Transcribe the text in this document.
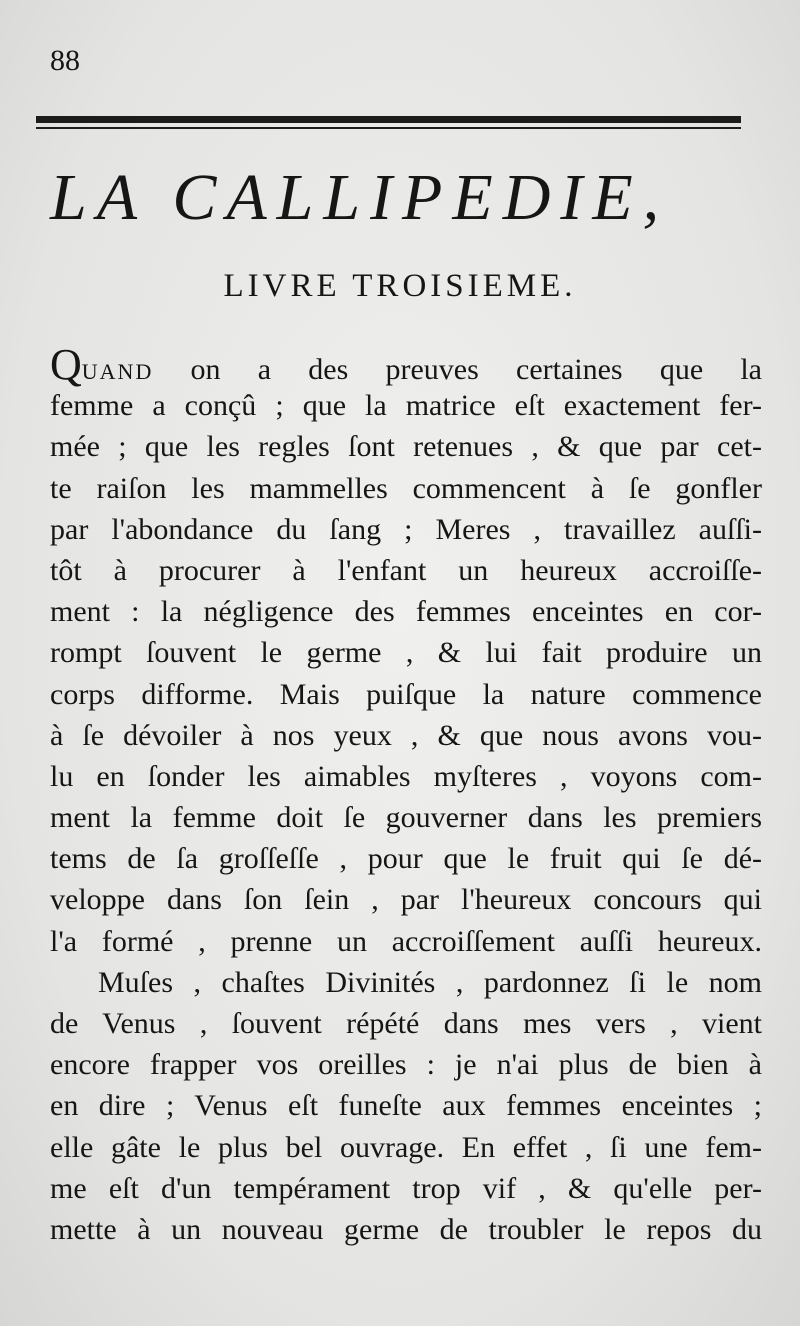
88
LA CALLIPEDIE,
LIVRE TROISIEME.
QUAND on a des preuves certaines que la
femme a conçû ; que la matrice eſt exactement fer-
mée ; que les regles ſont retenues , & que par cet-
te raiſon les mammelles commencent à ſe gonfler
par l'abondance du ſang ; Meres , travaillez auſſi-
tôt à procurer à l'enfant un heureux accroiſſe-
ment : la négligence des femmes enceintes en cor-
rompt ſouvent le germe , & lui fait produire un
corps difforme. Mais puiſque la nature commence
à ſe dévoiler à nos yeux , & que nous avons vou-
lu en ſonder les aimables myſteres , voyons com-
ment la femme doit ſe gouverner dans les premiers
tems de ſa groſſeſſe , pour que le fruit qui ſe dé-
veloppe dans ſon ſein , par l'heureux concours qui
l'a formé , prenne un accroiſſement auſſi heureux.
Muſes , chaſtes Divinités , pardonnez ſi le nom
de Venus , ſouvent répété dans mes vers , vient
encore frapper vos oreilles : je n'ai plus de bien à
en dire ; Venus eſt funeſte aux femmes enceintes ;
elle gâte le plus bel ouvrage. En effet , ſi une fem-
me eſt d'un tempérament trop vif , & qu'elle per-
mette à un nouveau germe de troubler le repos du
